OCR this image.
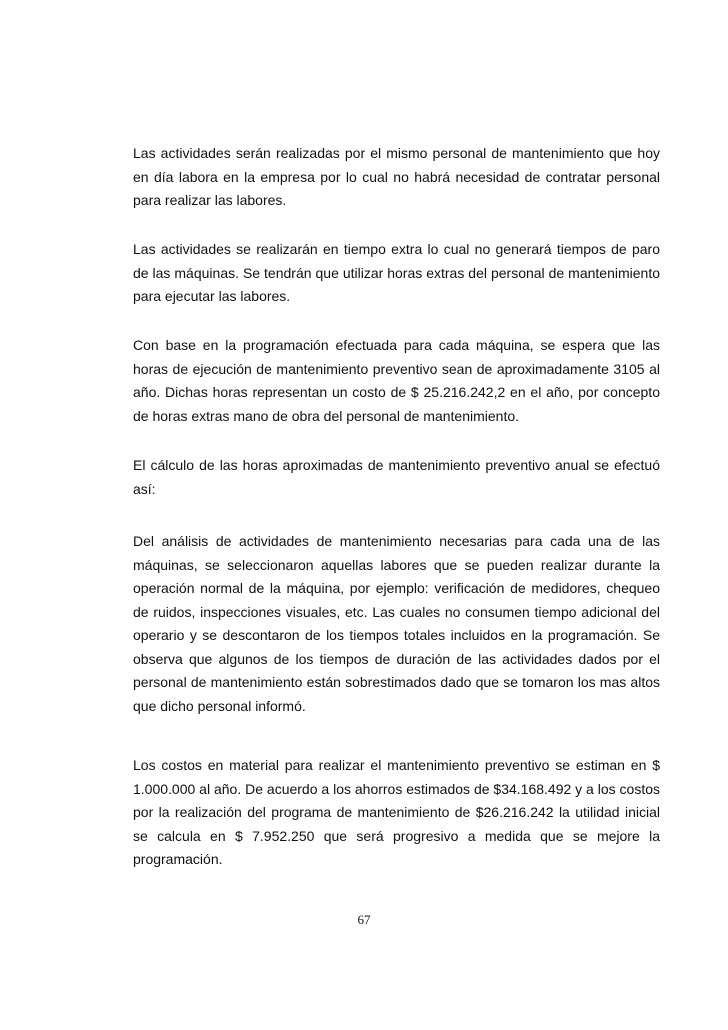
Las actividades serán realizadas por el mismo personal de mantenimiento que hoy en día labora en la empresa por lo cual no habrá necesidad de contratar personal para realizar las labores.

Las actividades se realizarán en tiempo extra lo cual no generará tiempos de paro de las máquinas. Se tendrán que utilizar horas extras del personal de mantenimiento para ejecutar las labores.

Con base en la programación efectuada para cada máquina, se espera que las horas de ejecución de mantenimiento preventivo sean de aproximadamente 3105 al año. Dichas horas representan un costo de $ 25.216.242,2 en el año, por concepto de horas extras mano de obra del personal de mantenimiento.

El cálculo de las horas aproximadas de mantenimiento preventivo anual se efectuó así:

Del análisis de actividades de mantenimiento necesarias para cada una de las máquinas, se seleccionaron aquellas labores que se pueden realizar durante la operación normal de la máquina, por ejemplo: verificación de medidores, chequeo de ruidos, inspecciones visuales, etc. Las cuales no consumen tiempo adicional del operario y se descontaron de los tiempos totales incluidos en la programación. Se observa que algunos de los tiempos de duración de las actividades dados por el personal de mantenimiento están sobrestimados dado que se tomaron los mas altos que dicho personal informó.

Los costos en material para realizar el mantenimiento preventivo se estiman en $ 1.000.000 al año. De acuerdo a los ahorros estimados de $34.168.492 y a los costos por la realización del programa de mantenimiento de $26.216.242 la utilidad inicial se calcula en $ 7.952.250 que será progresivo a medida que se mejore la programación.

67
